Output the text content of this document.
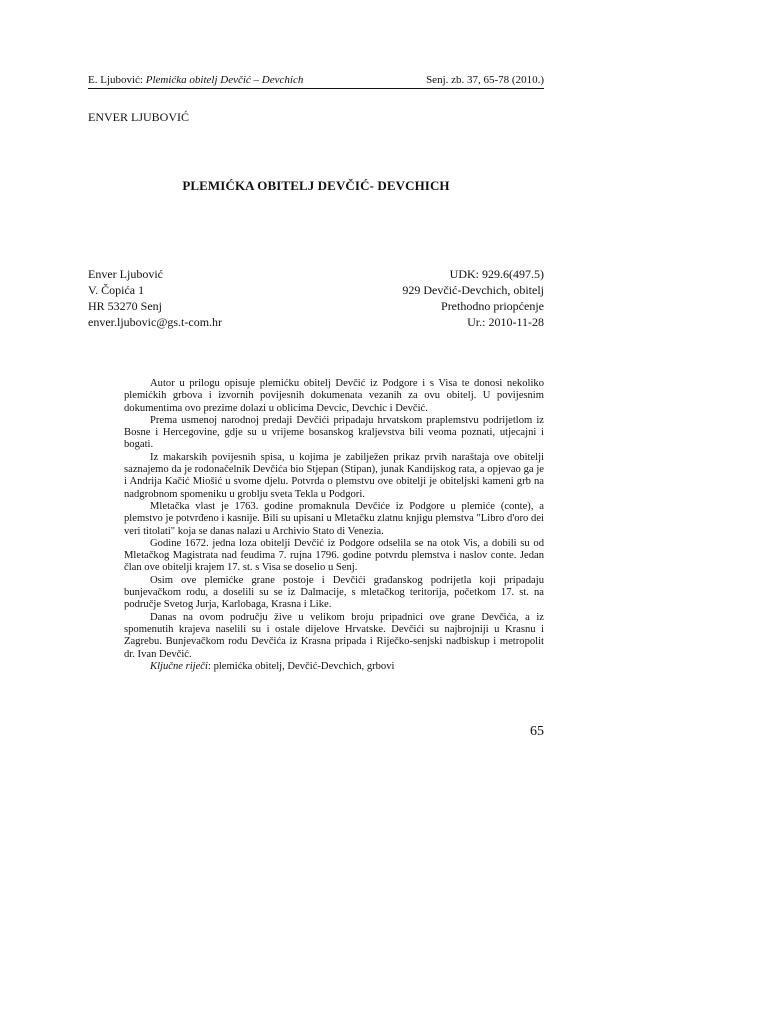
E. Ljubović: Plemićka obitelj Devčić – Devchich	Senj. zb. 37, 65-78 (2010.)
ENVER LJUBOVIĆ
PLEMIĆKA OBITELJ DEVČIĆ- DEVCHICH
Enver Ljubović
V. Čopića 1
HR 53270 Senj
enver.ljubovic@gs.t-com.hr
UDK: 929.6(497.5)
929 Devčić-Devchich, obitelj
Prethodno priopćenje
Ur.: 2010-11-28

Autor u prilogu opisuje plemićku obitelj Devčić iz Podgore i s Visa te donosi nekoliko plemićkih grbova i izvornih povijesnih dokumenata vezanih za ovu obitelj. U povijesnim dokumentima ovo prezime dolazi u oblicima Devcic, Devchic i Devčić.

Prema usmenoj narodnoj predaji Devčići pripadaju hrvatskom praplemstvu podrijetlom iz Bosne i Hercegovine, gdje su u vrijeme bosanskog kraljevstva bili veoma poznati, utjecajni i bogati.

Iz makarskih povijesnih spisa, u kojima je zabilježen prikaz prvih naraštaja ove obitelji saznajemo da je rodonačelnik Devčića bio Stjepan (Stipan), junak Kandijskog rata, a opjevao ga je i Andrija Kačić Miošić u svome djelu. Potvrda o plemstvu ove obitelji je obiteljski kameni grb na nadgrobnom spomeniku u groblju sveta Tekla u Podgori.

Mletačka vlast je 1763. godine promaknula Devčiće iz Podgore u plemiće (conte), a plemstvo je potvrđeno i kasnije. Bili su upisani u Mletačku zlatnu knjigu plemstva "Libro d'oro dei veri titolati" koja se danas nalazi u Archivio Stato di Venezia.

Godine 1672. jedna loza obitelji Devčić iz Podgore odselila se na otok Vis, a dobili su od Mletačkog Magistrata nad feudima 7. rujna 1796. godine potvrdu plemstva i naslov conte. Jedan član ove obitelji krajem 17. st. s Visa se doselio u Senj.

Osim ove plemićke grane postoje i Devčići građanskog podrijetla koji pripadaju bunjevačkom rodu, a doselili su se iz Dalmacije, s mletačkog teritorija, početkom 17. st. na područje Svetog Jurja, Karlobaga, Krasna i Like.

Danas na ovom području žive u velikom broju pripadnici ove grane Devčića, a iz spomenutih krajeva naselili su i ostale dijelove Hrvatske. Devčići su najbrojniji u Krasnu i Zagrebu. Bunjevačkom rodu Devčića iz Krasna pripada i Riječko-senjski nadbiskup i metropolit dr. Ivan Devčić.

Ključne riječi: plemićka obitelj, Devčić-Devchich, grbovi

65
